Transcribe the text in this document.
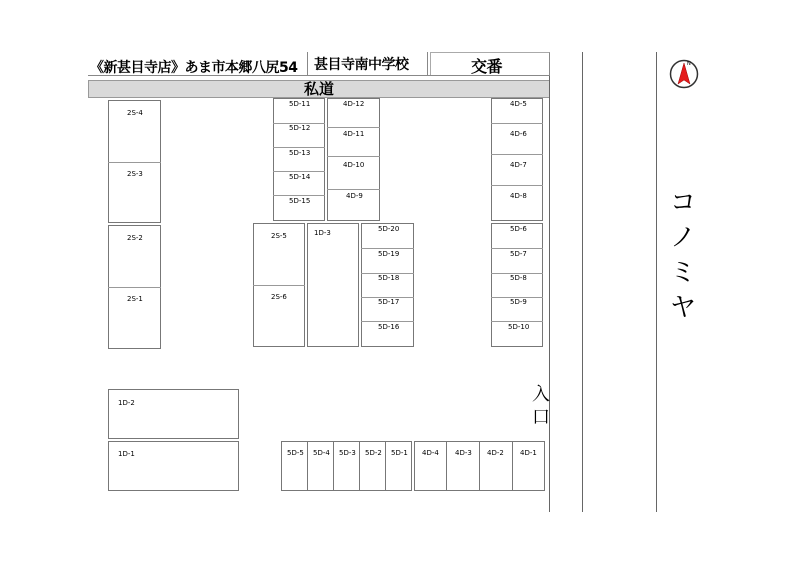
《新甚目寺店》あま市本郷八尻54 甚目寺南中学校	交番
私道
N
コ
ノ
ミ
ヤ
入
口
2S-4
2S-3
2S-2
2S-1
1D-2
1D-1
5D-11
5D-12
5D-13
5D-14
5D-15
4D-12
4D-11
4D-10
4D-9
2S-5
2S-6
1D-3	5D-20
5D-19
5D-18
5D-17
5D-16
4D-5
4D-6
4D-7
4D-8
5D-6
5D-7
5D-8
5D-9
5D-10
5D-5 5D-4 5D-3 5D-2 5D-1 4D-4 4D-3 4D-2 4D-1
